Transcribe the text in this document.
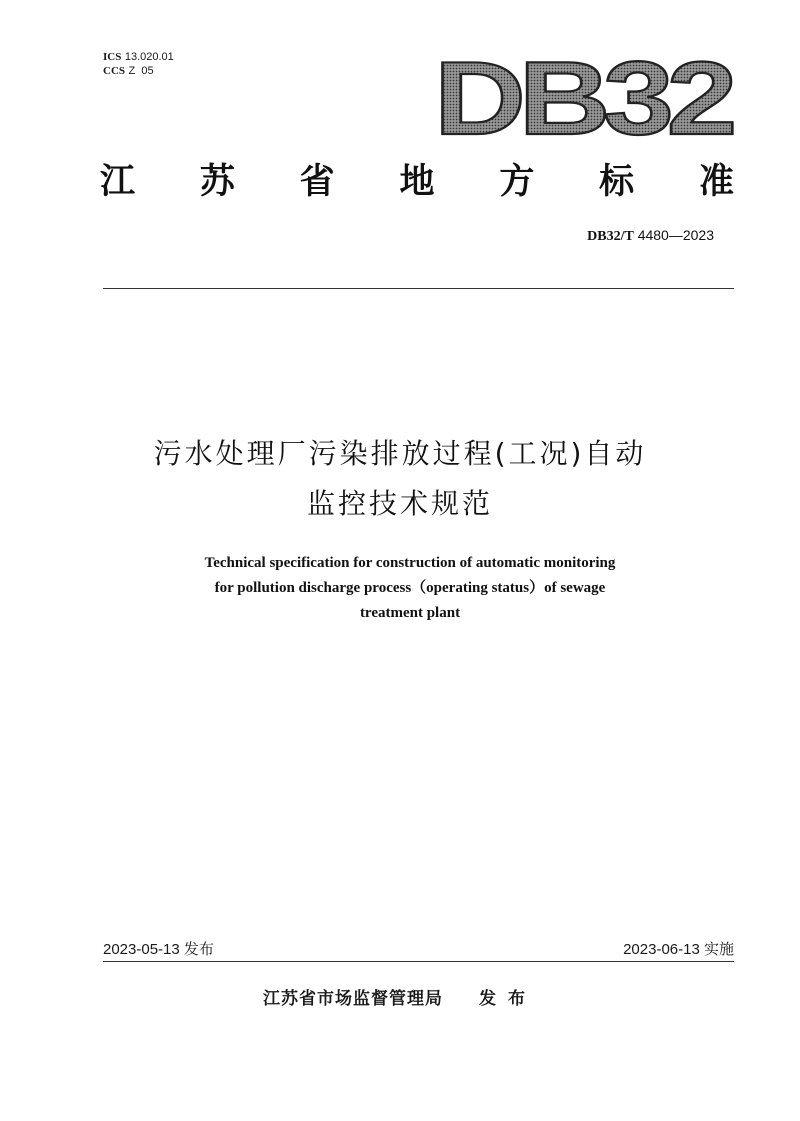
ICS 13.020.01
CCS Z  05	DB32
江 苏 省 地 方 标 准
DB32/T 4480—2023
污水处理厂污染排放过程(工况)自动
监控技术规范
Technical specification for construction of automatic monitoring
for pollution discharge process（operating status）of sewage
treatment plant
2023-05-13 发布	2023-06-13 实施
江苏省市场监督管理局 发布
